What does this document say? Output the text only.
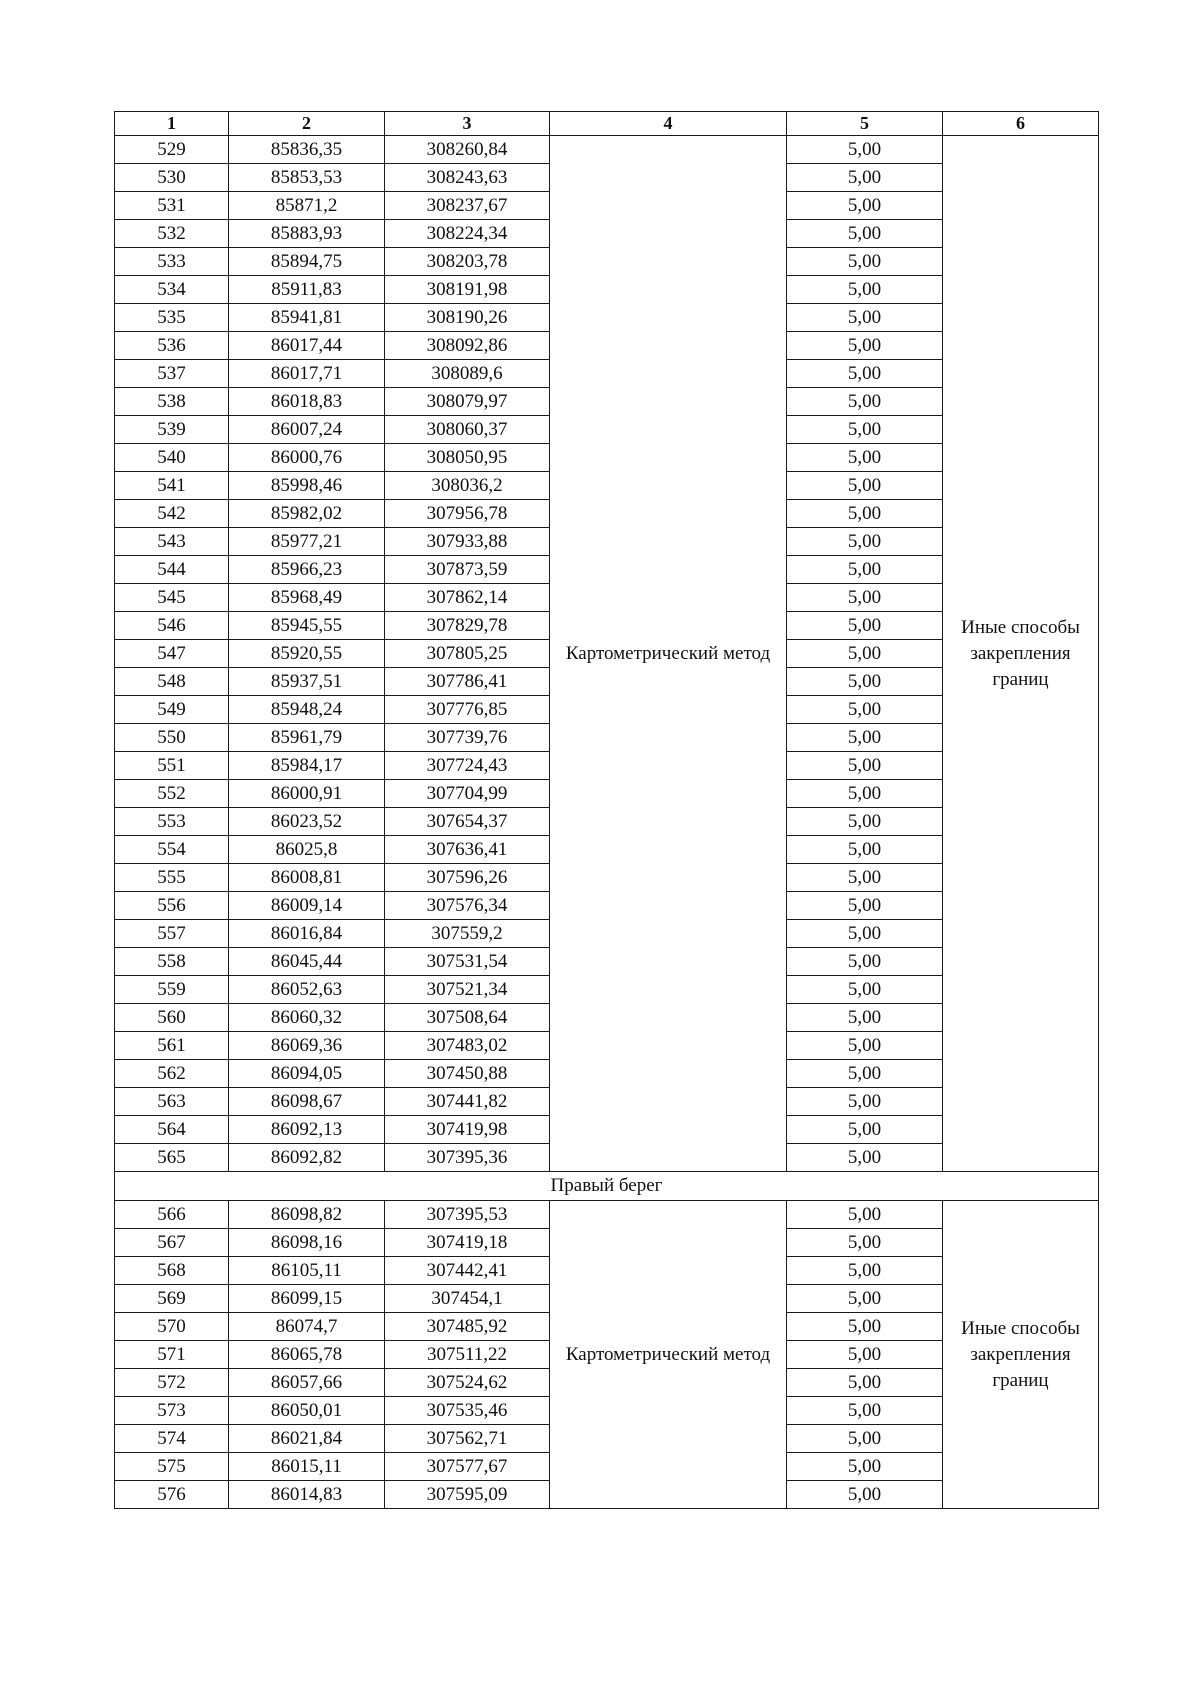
1	2	3	4	5	6
529	85836,35	308260,84	Картометрический метод	5,00	Иные способы
закрепления
границ
530	85853,53	308243,63		5,00	
531	85871,2	308237,67		5,00	
532	85883,93	308224,34		5,00	
533	85894,75	308203,78		5,00	
534	85911,83	308191,98		5,00	
535	85941,81	308190,26		5,00	
536	86017,44	308092,86		5,00	
537	86017,71	308089,6		5,00	
538	86018,83	308079,97		5,00	
539	86007,24	308060,37		5,00	
540	86000,76	308050,95		5,00	
541	85998,46	308036,2		5,00	
542	85982,02	307956,78		5,00	
543	85977,21	307933,88		5,00	
544	85966,23	307873,59		5,00	
545	85968,49	307862,14		5,00	
546	85945,55	307829,78		5,00	
547	85920,55	307805,25		5,00	
548	85937,51	307786,41		5,00	
549	85948,24	307776,85		5,00	
550	85961,79	307739,76		5,00	
551	85984,17	307724,43		5,00	
552	86000,91	307704,99		5,00	
553	86023,52	307654,37		5,00	
554	86025,8	307636,41		5,00	
555	86008,81	307596,26		5,00	
556	86009,14	307576,34		5,00	
557	86016,84	307559,2		5,00	
558	86045,44	307531,54		5,00	
559	86052,63	307521,34		5,00	
560	86060,32	307508,64		5,00	
561	86069,36	307483,02		5,00	
562	86094,05	307450,88		5,00	
563	86098,67	307441,82		5,00	
564	86092,13	307419,98		5,00	
565	86092,82	307395,36		5,00	
Правый берег					
566	86098,82	307395,53	Картометрический метод	5,00	Иные способы
закрепления
границ
567	86098,16	307419,18		5,00	
568	86105,11	307442,41		5,00	
569	86099,15	307454,1		5,00	
570	86074,7	307485,92		5,00	
571	86065,78	307511,22		5,00	
572	86057,66	307524,62		5,00	
573	86050,01	307535,46		5,00	
574	86021,84	307562,71		5,00	
575	86015,11	307577,67		5,00	
576	86014,83	307595,09		5,00	
